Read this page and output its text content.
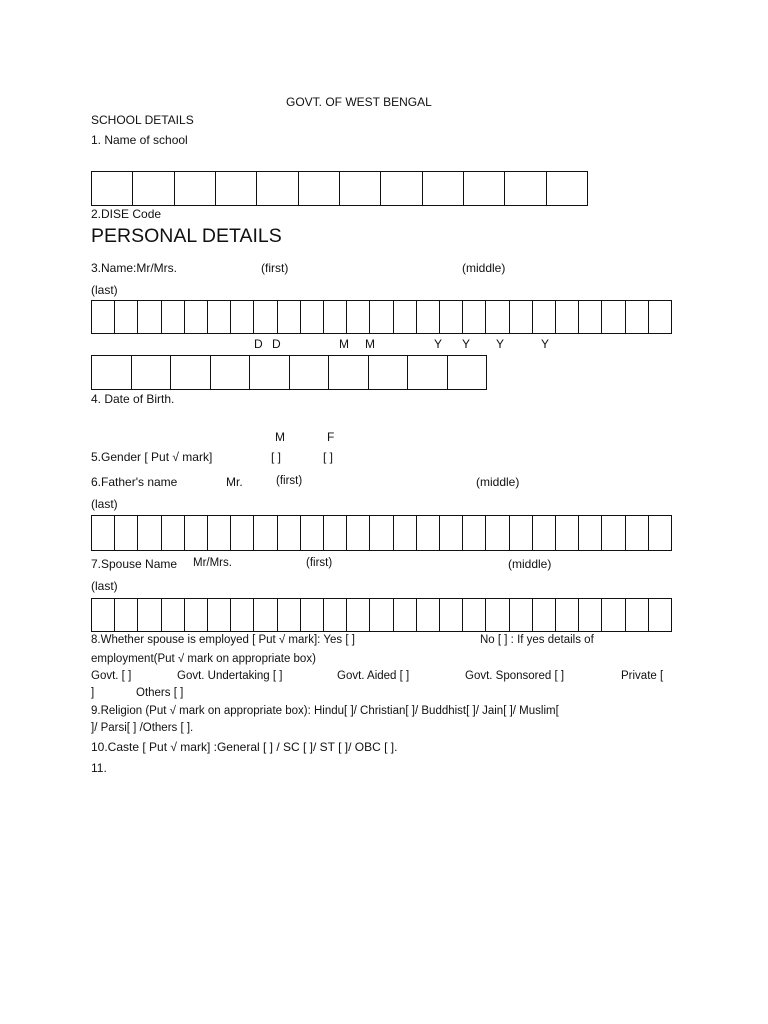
GOVT. OF WEST BENGAL
SCHOOL DETAILS
1. Name of school
2.DISE Code
PERSONAL DETAILS
3.Name:Mr/Mrs.	(first)	(middle)
(last)
D D	M M	Y Y Y	Y
4. Date of Birth.
M	F
5.Gender [ Put √ mark]	[ ]	[ ]
6.Father's name	Mr.	(first)	(middle)
(last)
7.Spouse Name Mr/Mrs.	(first)	(middle)
(last)
8.Whether spouse is employed [ Put √ mark]: Yes [ ]	No [ ] : If yes details of
employment(Put √ mark on appropriate box)
Govt. [ ]	Govt. Undertaking [ ]	Govt. Aided [ ]	Govt. Sponsored [ ]	Private [
]	Others [ ]
9.Religion (Put √ mark on appropriate box): Hindu[ ]/ Christian[ ]/ Buddhist[ ]/ Jain[ ]/ Muslim[
]/ Parsi[ ] /Others [ ].
10.Caste [ Put √ mark] :General [ ] / SC [ ]/ ST [ ]/ OBC [ ].
11.
